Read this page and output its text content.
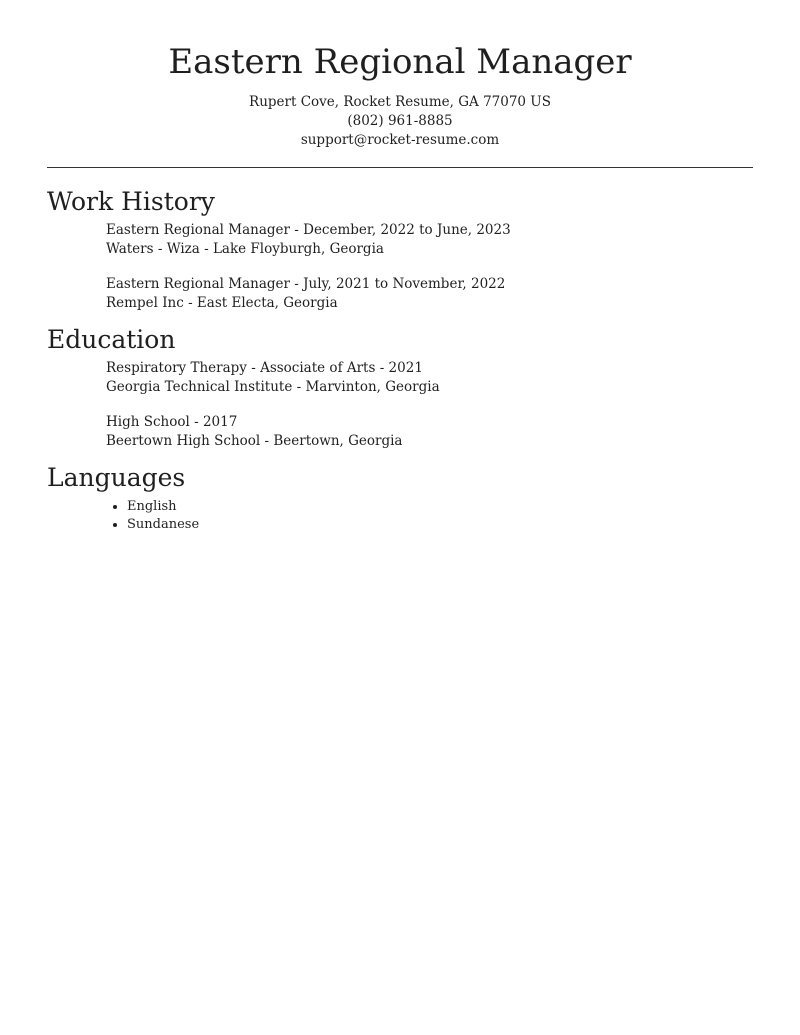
Eastern Regional Manager
Rupert Cove, Rocket Resume, GA 77070 US
(802) 961-8885
support@rocket-resume.com
Work History
Eastern Regional Manager - December, 2022 to June, 2023
Waters - Wiza - Lake Floyburgh, Georgia
Eastern Regional Manager - July, 2021 to November, 2022
Rempel Inc - East Electa, Georgia
Education
Respiratory Therapy - Associate of Arts - 2021
Georgia Technical Institute - Marvinton, Georgia
High School - 2017
Beertown High School - Beertown, Georgia
Languages
• English
• Sundanese
